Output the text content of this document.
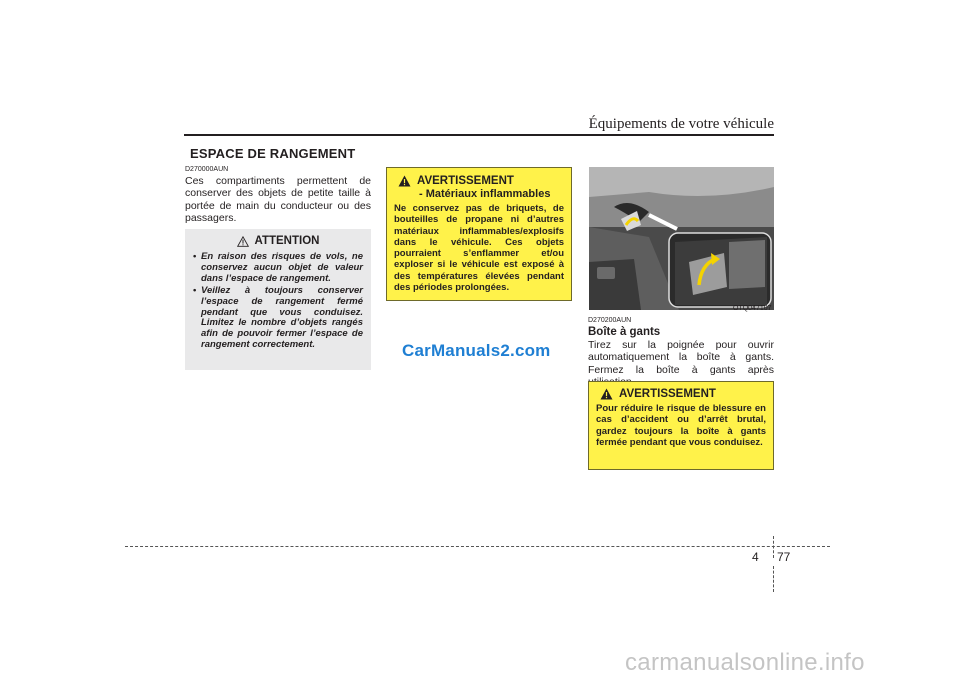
Équipements de votre véhicule
ESPACE DE RANGEMENT
D270000AUN
Ces compartiments permettent de conserver des objets de petite taille à portée de main du conducteur ou des passagers.
ATTENTION
• En raison des risques de vols, ne conservez aucun objet de valeur dans l’espace de rangement.
• Veillez à toujours conserver l’espace de rangement fermé pendant que vous conduisez. Limitez le nombre d’objets rangés afin de pouvoir fermer l’espace de rangement correctement.
AVERTISSEMENT
- Matériaux inflammables
Ne conservez pas de briquets, de bouteilles de propane ni d’autres matériaux inflammables/explosifs dans le véhicule. Ces objets pourraient s’enflammer et/ou exploser si le véhicule est exposé à des températures élevées pendant des périodes prolongées.
CarManuals2.com
OTQ047107
D270200AUN
Boîte à gants
Tirez sur la poignée pour ouvrir automatiquement la boîte à gants. Fermez la boîte à gants après
AVERTISSEMENT
Pour réduire le risque de blessure en cas d’accident ou d’arrêt brutal, gardez toujours la boîte à gants fermée pendant que vous conduisez.
4 77
carmanualsonline.info
